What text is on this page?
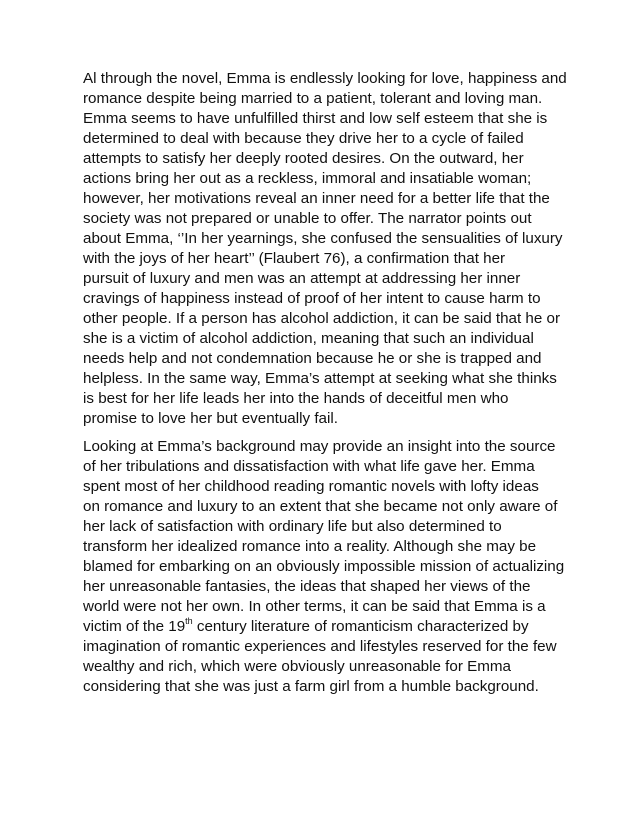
Al through the novel, Emma is endlessly looking for love, happiness and
romance despite being married to a patient, tolerant and loving man.
Emma seems to have unfulfilled thirst and low self esteem that she is
determined to deal with because they drive her to a cycle of failed
attempts to satisfy her deeply rooted desires. On the outward, her
actions bring her out as a reckless, immoral and insatiable woman;
however, her motivations reveal an inner need for a better life that the
society was not prepared or unable to offer. The narrator points out
about Emma, ‘’In her yearnings, she confused the sensualities of luxury
with the joys of her heart’’ (Flaubert 76), a confirmation that her
pursuit of luxury and men was an attempt at addressing her inner
cravings of happiness instead of proof of her intent to cause harm to
other people. If a person has alcohol addiction, it can be said that he or
she is a victim of alcohol addiction, meaning that such an individual
needs help and not condemnation because he or she is trapped and
helpless. In the same way, Emma’s attempt at seeking what she thinks
is best for her life leads her into the hands of deceitful men who
promise to love her but eventually fail.
Looking at Emma’s background may provide an insight into the source
of her tribulations and dissatisfaction with what life gave her. Emma
spent most of her childhood reading romantic novels with lofty ideas
on romance and luxury to an extent that she became not only aware of
her lack of satisfaction with ordinary life but also determined to
transform her idealized romance into a reality. Although she may be
blamed for embarking on an obviously impossible mission of actualizing
her unreasonable fantasies, the ideas that shaped her views of the
world were not her own. In other terms, it can be said that Emma is a
victim of the 19th century literature of romanticism characterized by
imagination of romantic experiences and lifestyles reserved for the few
wealthy and rich, which were obviously unreasonable for Emma
considering that she was just a farm girl from a humble background.
